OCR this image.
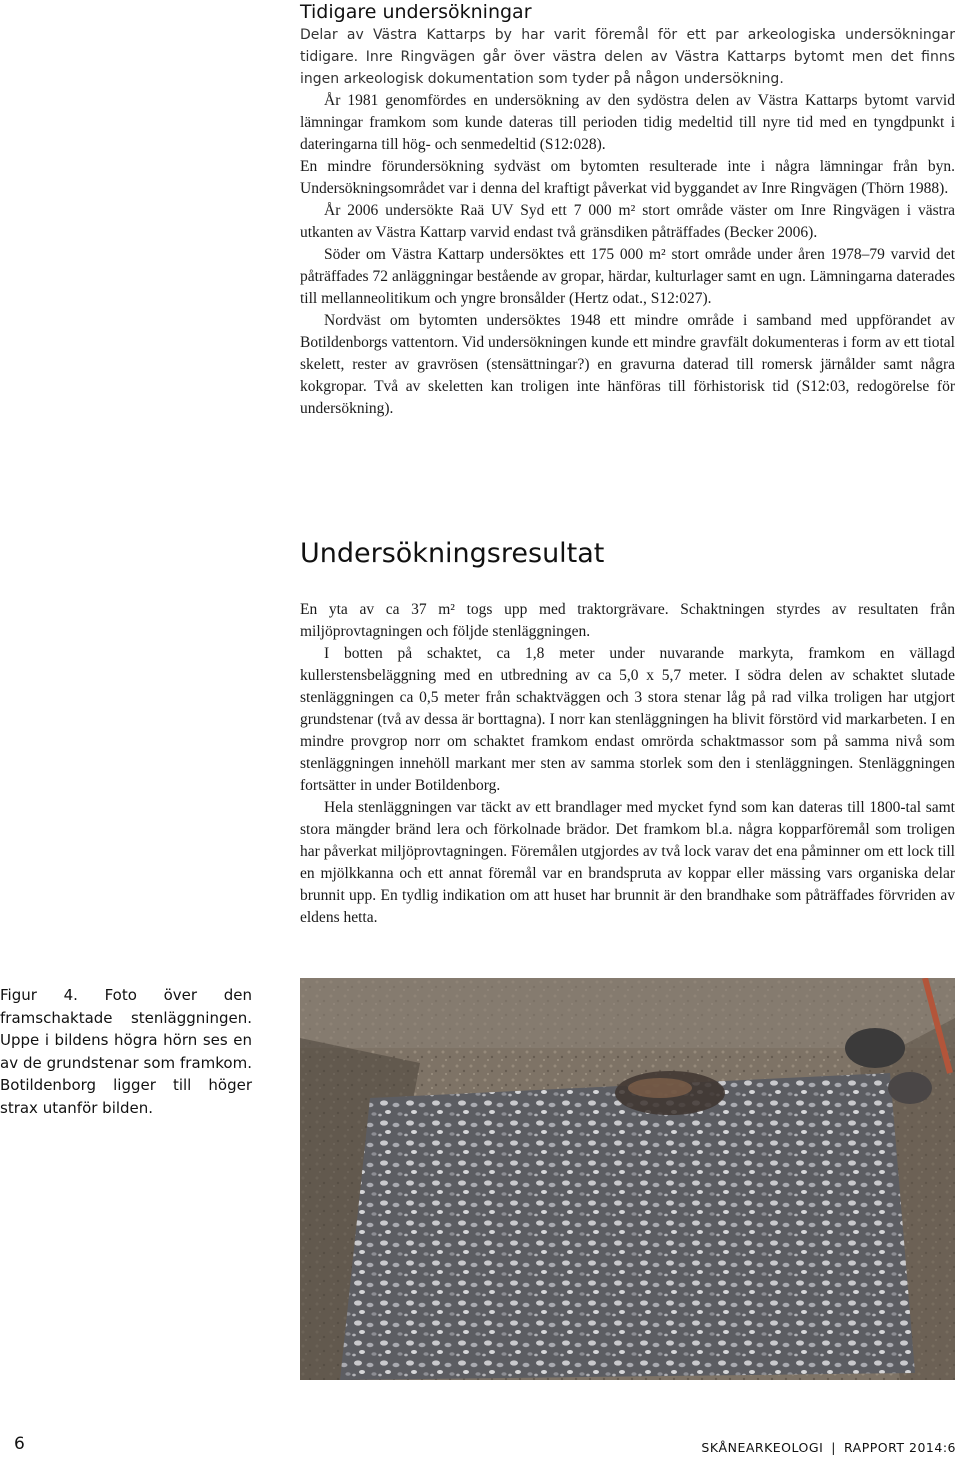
Tidigare undersökningar

Delar av Västra Kattarps by har varit föremål för ett par arkeologiska undersökningar tidigare. Inre Ringvägen går över västra delen av Västra Kattarps bytomt men det finns ingen arkeologisk dokumentation som tyder på någon undersökning.

År 1981 genomfördes en undersökning av den sydöstra delen av Västra Kattarps bytomt varvid lämningar framkom som kunde dateras till perioden tidig medeltid till nyre tid med en tyngdpunkt i dateringarna till hög- och senmedeltid (S12:028).

En mindre förundersökning sydväst om bytomten resulterade inte i några lämningar från byn. Undersökningsområdet var i denna del kraftigt påverkat vid byggandet av Inre Ringvägen (Thörn 1988).

År 2006 undersökte Raä UV Syd ett 7 000 m² stort område väster om Inre Ringvägen i västra utkanten av Västra Kattarp varvid endast två gränsdiken påträffades (Becker 2006).

Söder om Västra Kattarp undersöktes ett 175 000 m² stort område under åren 1978–79 varvid det påträffades 72 anläggningar bestående av gropar, härdar, kulturlager samt en ugn. Lämningarna daterades till mellanneolitikum och yngre bronsålder (Hertz odat., S12:027).

Nordväst om bytomten undersöktes 1948 ett mindre område i samband med uppförandet av Botildenborgs vattentorn. Vid undersökningen kunde ett mindre gravfält dokumenteras i form av ett tiotal skelett, rester av gravrösen (stensättningar?) en gravurna daterad till romersk järnålder samt några kokgropar. Två av skeletten kan troligen inte hänföras till förhistorisk tid (S12:03, redogörelse för undersökning).

Undersökningsresultat

En yta av ca 37 m² togs upp med traktorgrävare. Schaktningen styrdes av resultaten från miljöprovtagningen och följde stenläggningen.

I botten på schaktet, ca 1,8 meter under nuvarande markyta, framkom en vällagd kullerstensbeläggning med en utbredning av ca 5,0 x 5,7 meter. I södra delen av schaktet slutade stenläggningen ca 0,5 meter från schaktväggen och 3 stora stenar låg på rad vilka troligen har utgjort grundstenar (två av dessa är borttagna). I norr kan stenläggningen ha blivit förstörd vid markarbeten. I en mindre provgrop norr om schaktet framkom endast omrörda schaktmassor som på samma nivå som stenläggningen innehöll markant mer sten av samma storlek som den i stenläggningen. Stenläggningen fortsätter in under Botildenborg.

Hela stenläggningen var täckt av ett brandlager med mycket fynd som kan dateras till 1800-tal samt stora mängder bränd lera och förkolnade brädor. Det framkom bl.a. några kopparföremål som troligen har påverkat miljöprovtagningen. Föremålen utgjordes av två lock varav det ena påminner om ett lock till en mjölkkanna och ett annat föremål var en brandspruta av koppar eller mässing vars organiska delar brunnit upp. En tydlig indikation om att huset har brunnit är den brandhake som påträffades förvriden av eldens hetta.

Figur 4. Foto över den framschaktade stenläggningen. Uppe i bildens högra hörn ses en av de grundstenar som framkom. Botildenborg ligger till höger strax utanför bilden.

6	SKÅNEARKEOLOGI | RAPPORT 2014:6
